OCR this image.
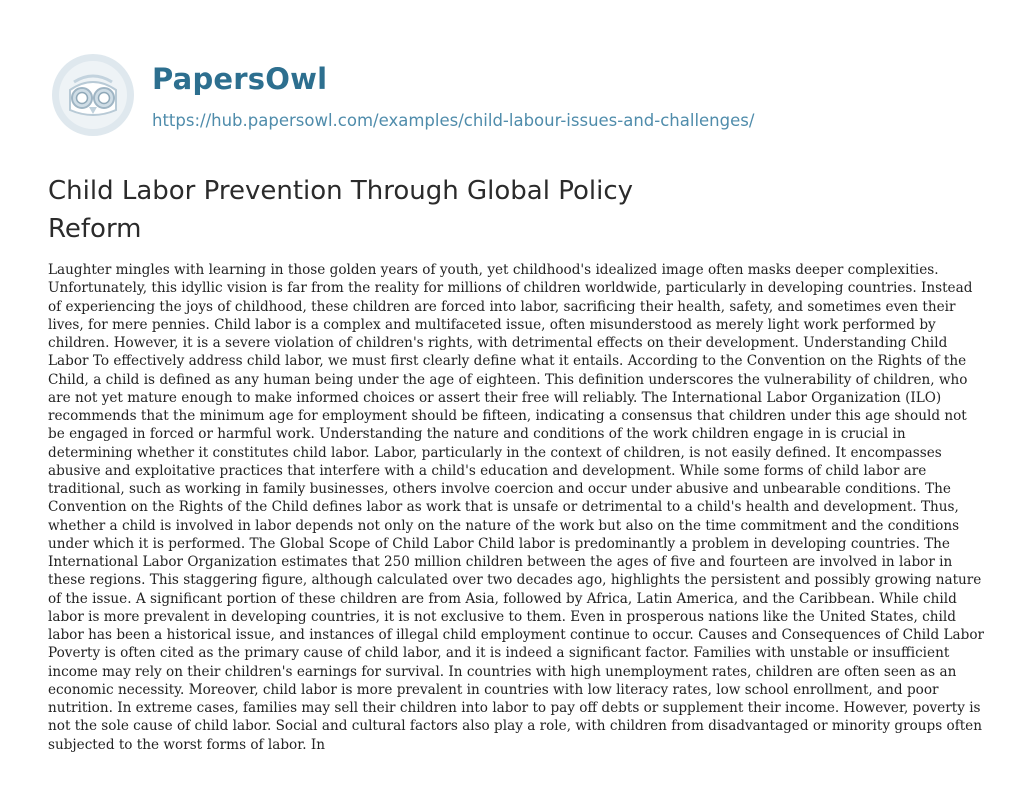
PapersOwl
https://hub.papersowl.com/examples/child-labour-issues-and-challenges/
Child Labor Prevention Through Global Policy Reform

Laughter mingles with learning in those golden years of youth, yet childhood's idealized image often masks deeper complexities. Unfortunately, this idyllic vision is far from the reality for millions of children worldwide, particularly in developing countries. Instead of experiencing the joys of childhood, these children are forced into labor, sacrificing their health, safety, and sometimes even their lives, for mere pennies. Child labor is a complex and multifaceted issue, often misunderstood as merely light work performed by children. However, it is a severe violation of children's rights, with detrimental effects on their development. Understanding Child Labor To effectively address child labor, we must first clearly define what it entails. According to the Convention on the Rights of the Child, a child is defined as any human being under the age of eighteen. This definition underscores the vulnerability of children, who are not yet mature enough to make informed choices or assert their free will reliably. The International Labor Organization (ILO) recommends that the minimum age for employment should be fifteen, indicating a consensus that children under this age should not be engaged in forced or harmful work. Understanding the nature and conditions of the work children engage in is crucial in determining whether it constitutes child labor. Labor, particularly in the context of children, is not easily defined. It encompasses abusive and exploitative practices that interfere with a child's education and development. While some forms of child labor are traditional, such as working in family businesses, others involve coercion and occur under abusive and unbearable conditions. The Convention on the Rights of the Child defines labor as work that is unsafe or detrimental to a child's health and development. Thus, whether a child is involved in labor depends not only on the nature of the work but also on the time commitment and the conditions under which it is performed. The Global Scope of Child Labor Child labor is predominantly a problem in developing countries. The International Labor Organization estimates that 250 million children between the ages of five and fourteen are involved in labor in these regions. This staggering figure, although calculated over two decades ago, highlights the persistent and possibly growing nature of the issue. A significant portion of these children are from Asia, followed by Africa, Latin America, and the Caribbean. While child labor is more prevalent in developing countries, it is not exclusive to them. Even in prosperous nations like the United States, child labor has been a historical issue, and instances of illegal child employment continue to occur. Causes and Consequences of Child Labor Poverty is often cited as the primary cause of child labor, and it is indeed a significant factor. Families with unstable or insufficient income may rely on their children's earnings for survival. In countries with high unemployment rates, children are often seen as an economic necessity. Moreover, child labor is more prevalent in countries with low literacy rates, low school enrollment, and poor nutrition. In extreme cases, families may sell their children into labor to pay off debts or supplement their income. However, poverty is not the sole cause of child labor. Social and cultural factors also play a role, with children from disadvantaged or minority groups often subjected to the worst forms of labor. In
